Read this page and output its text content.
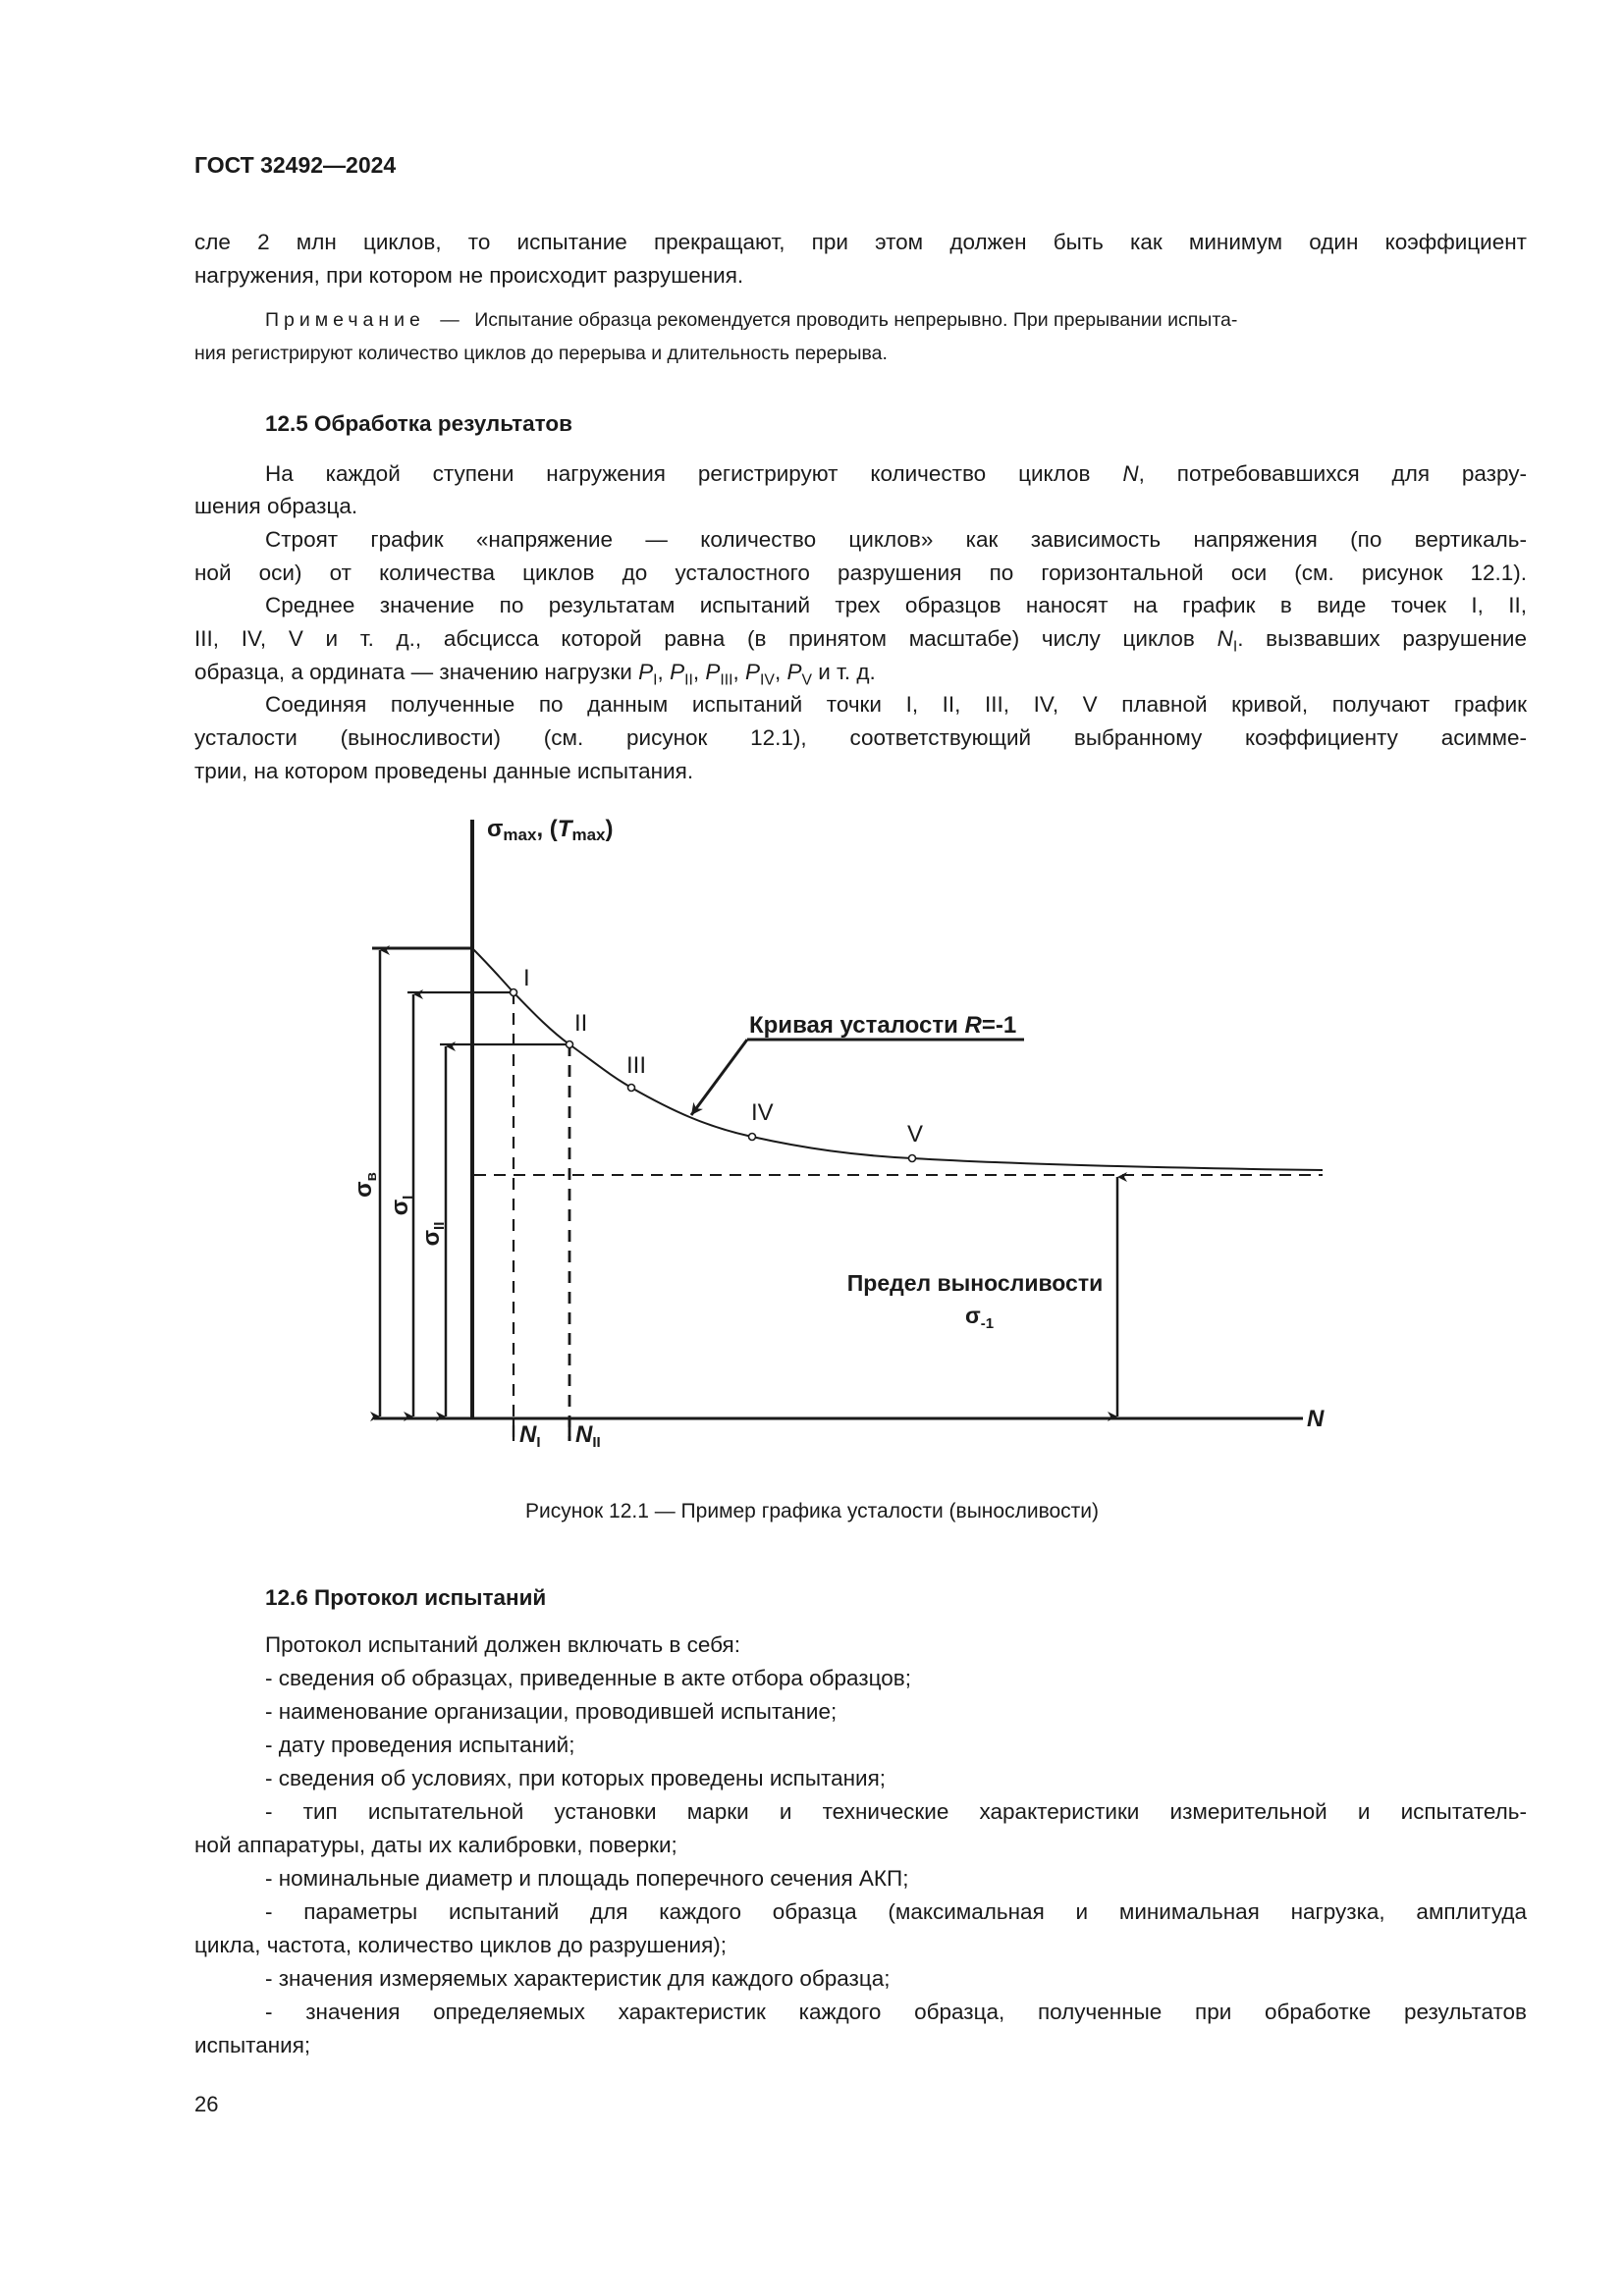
ГОСТ 32492—2024
сле 2 млн циклов, то испытание прекращают, при этом должен быть как минимум один коэффициент
нагружения, при котором не происходит разрушения.
Примечание — Испытание образца рекомендуется проводить непрерывно. При прерывании испыта-
ния регистрируют количество циклов до перерыва и длительность перерыва.
12.5 Обработка результатов
На каждой ступени нагружения регистрируют количество циклов N, потребовавшихся для разру-
шения образца.
Строят график «напряжение — количество циклов» как зависимость напряжения (по вертикаль-
ной оси) от количества циклов до усталостного разрушения по горизонтальной оси (см. рисунок 12.1).
Среднее значение по результатам испытаний трех образцов наносят на график в виде точек I, II,
III, IV, V и т. д., абсцисса которой равна (в принятом масштабе) числу циклов $N_I$. вызвавших разрушение
образца, а ордината — значению нагрузки $P_I$, $P_{II}$, $P_{III}$, $P_{IV}$, $P_V$ и т. д.
Соединяя полученные по данным испытаний точки I, II, III, IV, V плавной кривой, получают график
усталости (выносливости) (см. рисунок 12.1), соответствующий выбранному коэффициенту асимме-
трии, на котором проведены данные испытания.
I
II
III
IV
V
Кривая усталости R=-1
Предел выносливости
$\sigma_{-1}$
σmax, (Tmax)
N
$N_I$ $N_{II}$
$\sigma_в$
$\sigma_I$
$\sigma_{II}$
Рисунок 12.1 — Пример графика усталости (выносливости)
12.6 Протокол испытаний
Протокол испытаний должен включать в себя:
- сведения об образцах, приведенные в акте отбора образцов;
- наименование организации, проводившей испытание;
- дату проведения испытаний;
- сведения об условиях, при которых проведены испытания;
- тип испытательной установки марки и технические характеристики измерительной и испытатель-
ной аппаратуры, даты их калибровки, поверки;
- номинальные диаметр и площадь поперечного сечения АКП;
- параметры испытаний для каждого образца (максимальная и минимальная нагрузка, амплитуда
цикла, частота, количество циклов до разрушения);
- значения измеряемых характеристик для каждого образца;
- значения определяемых характеристик каждого образца, полученные при обработке результатов
испытания;
26
